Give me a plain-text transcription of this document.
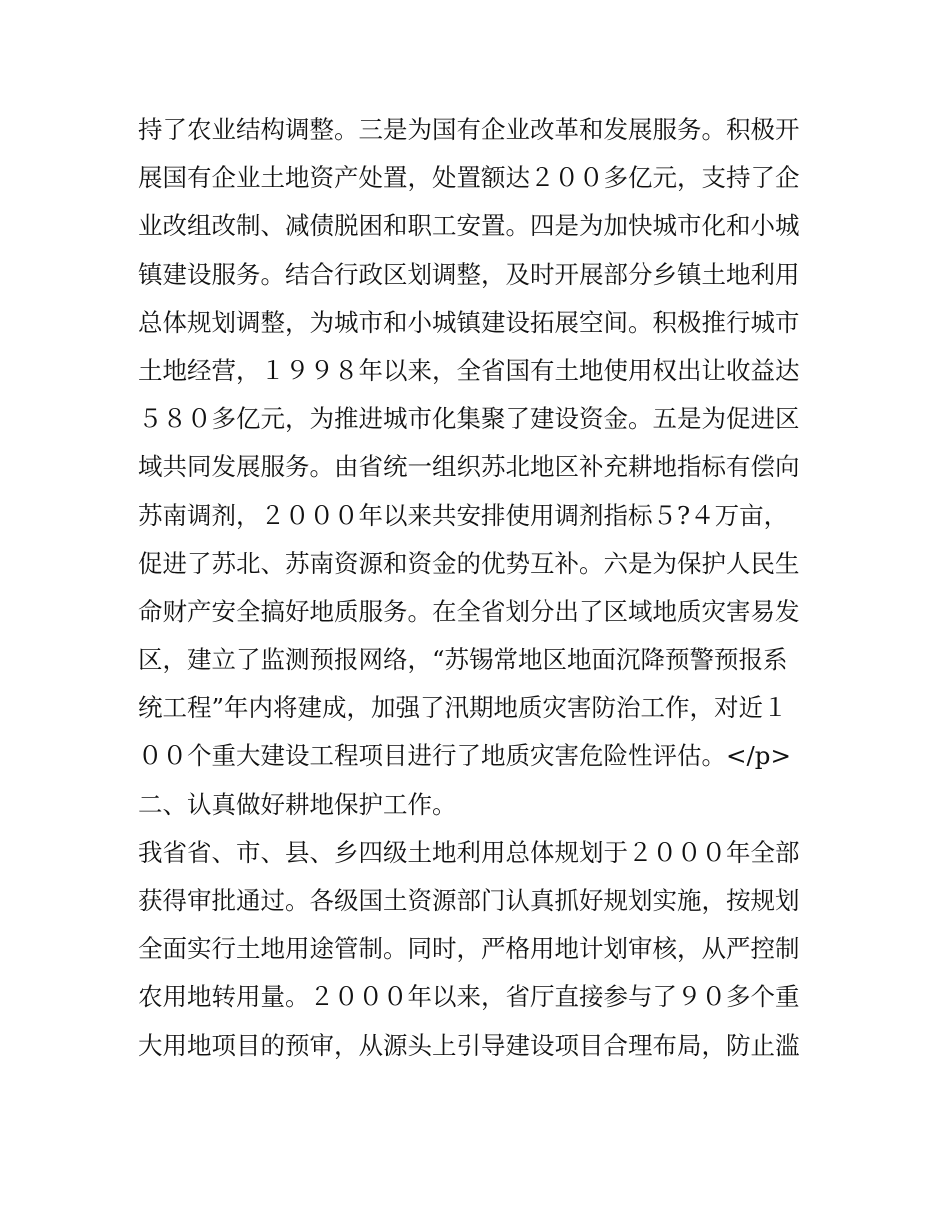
持了农业结构调整。三是为国有企业改革和发展服务。积极开
展国有企业土地资产处置，处置额达２００多亿元，支持了企
业改组改制、减债脱困和职工安置。四是为加快城市化和小城
镇建设服务。结合行政区划调整，及时开展部分乡镇土地利用
总体规划调整，为城市和小城镇建设拓展空间。积极推行城市
土地经营，１９９８年以来，全省国有土地使用权出让收益达
５８０多亿元，为推进城市化集聚了建设资金。五是为促进区
域共同发展服务。由省统一组织苏北地区补充耕地指标有偿向
苏南调剂，２０００年以来共安排使用调剂指标５?４万亩，
促进了苏北、苏南资源和资金的优势互补。六是为保护人民生
命财产安全搞好地质服务。在全省划分出了区域地质灾害易发
区，建立了监测预报网络，“苏锡常地区地面沉降预警预报系
统工程”年内将建成，加强了汛期地质灾害防治工作，对近１
００个重大建设工程项目进行了地质灾害危险性评估。</p>
二、认真做好耕地保护工作。
我省省、市、县、乡四级土地利用总体规划于２０００年全部
获得审批通过。各级国土资源部门认真抓好规划实施，按规划
全面实行土地用途管制。同时，严格用地计划审核，从严控制
农用地转用量。２０００年以来，省厅直接参与了９０多个重
大用地项目的预审，从源头上引导建设项目合理布局，防止滥
